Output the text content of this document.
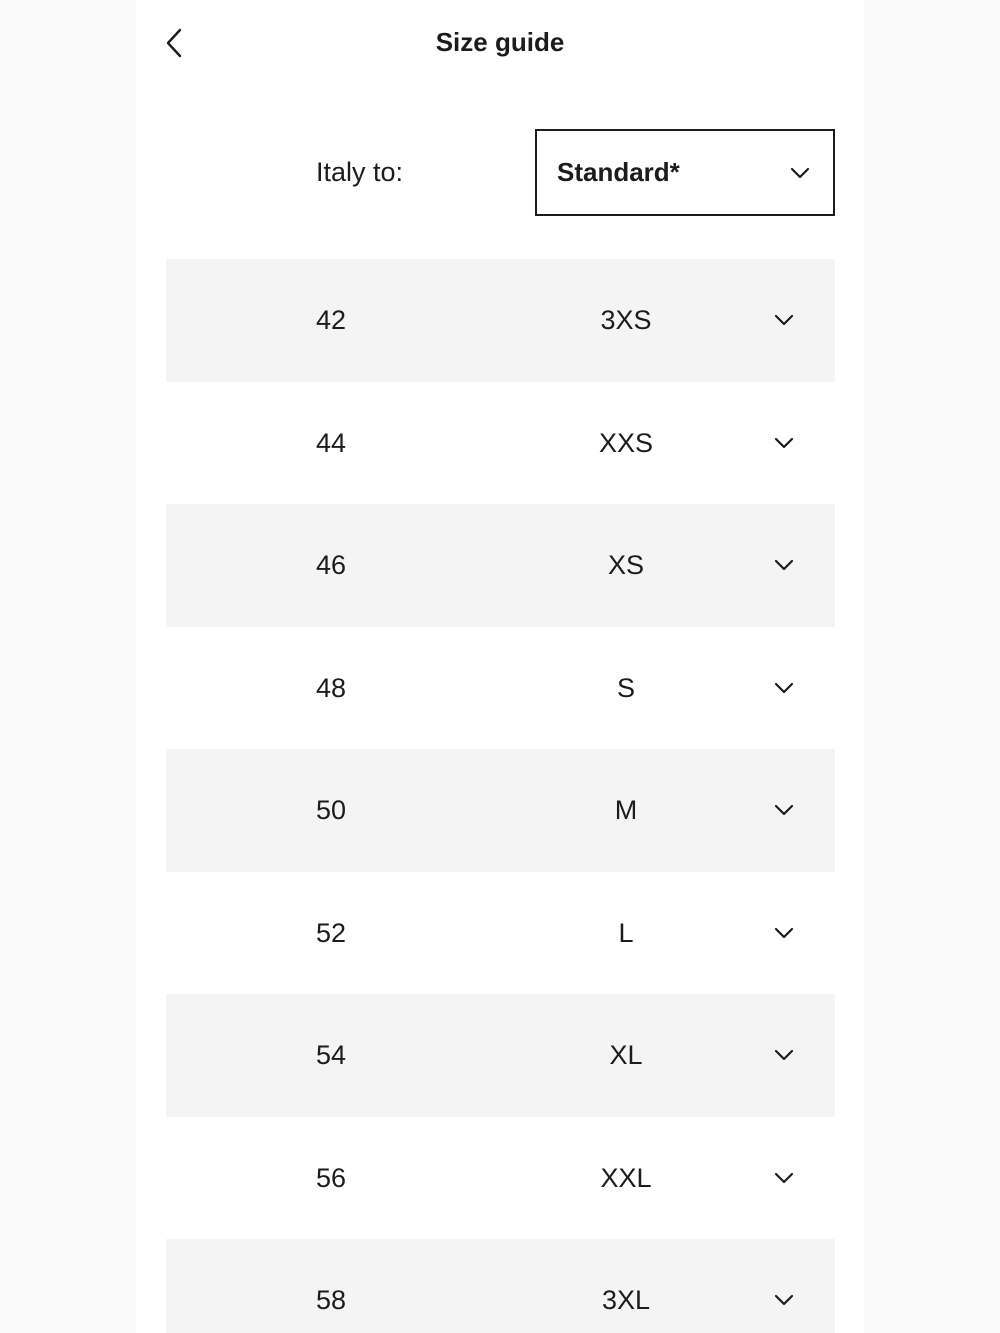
Size guide
Italy to:	Standard*
42	3XS
44	XXS
46	XS
48	S
50	M
52	L
54	XL
56	XXL
58	3XL
